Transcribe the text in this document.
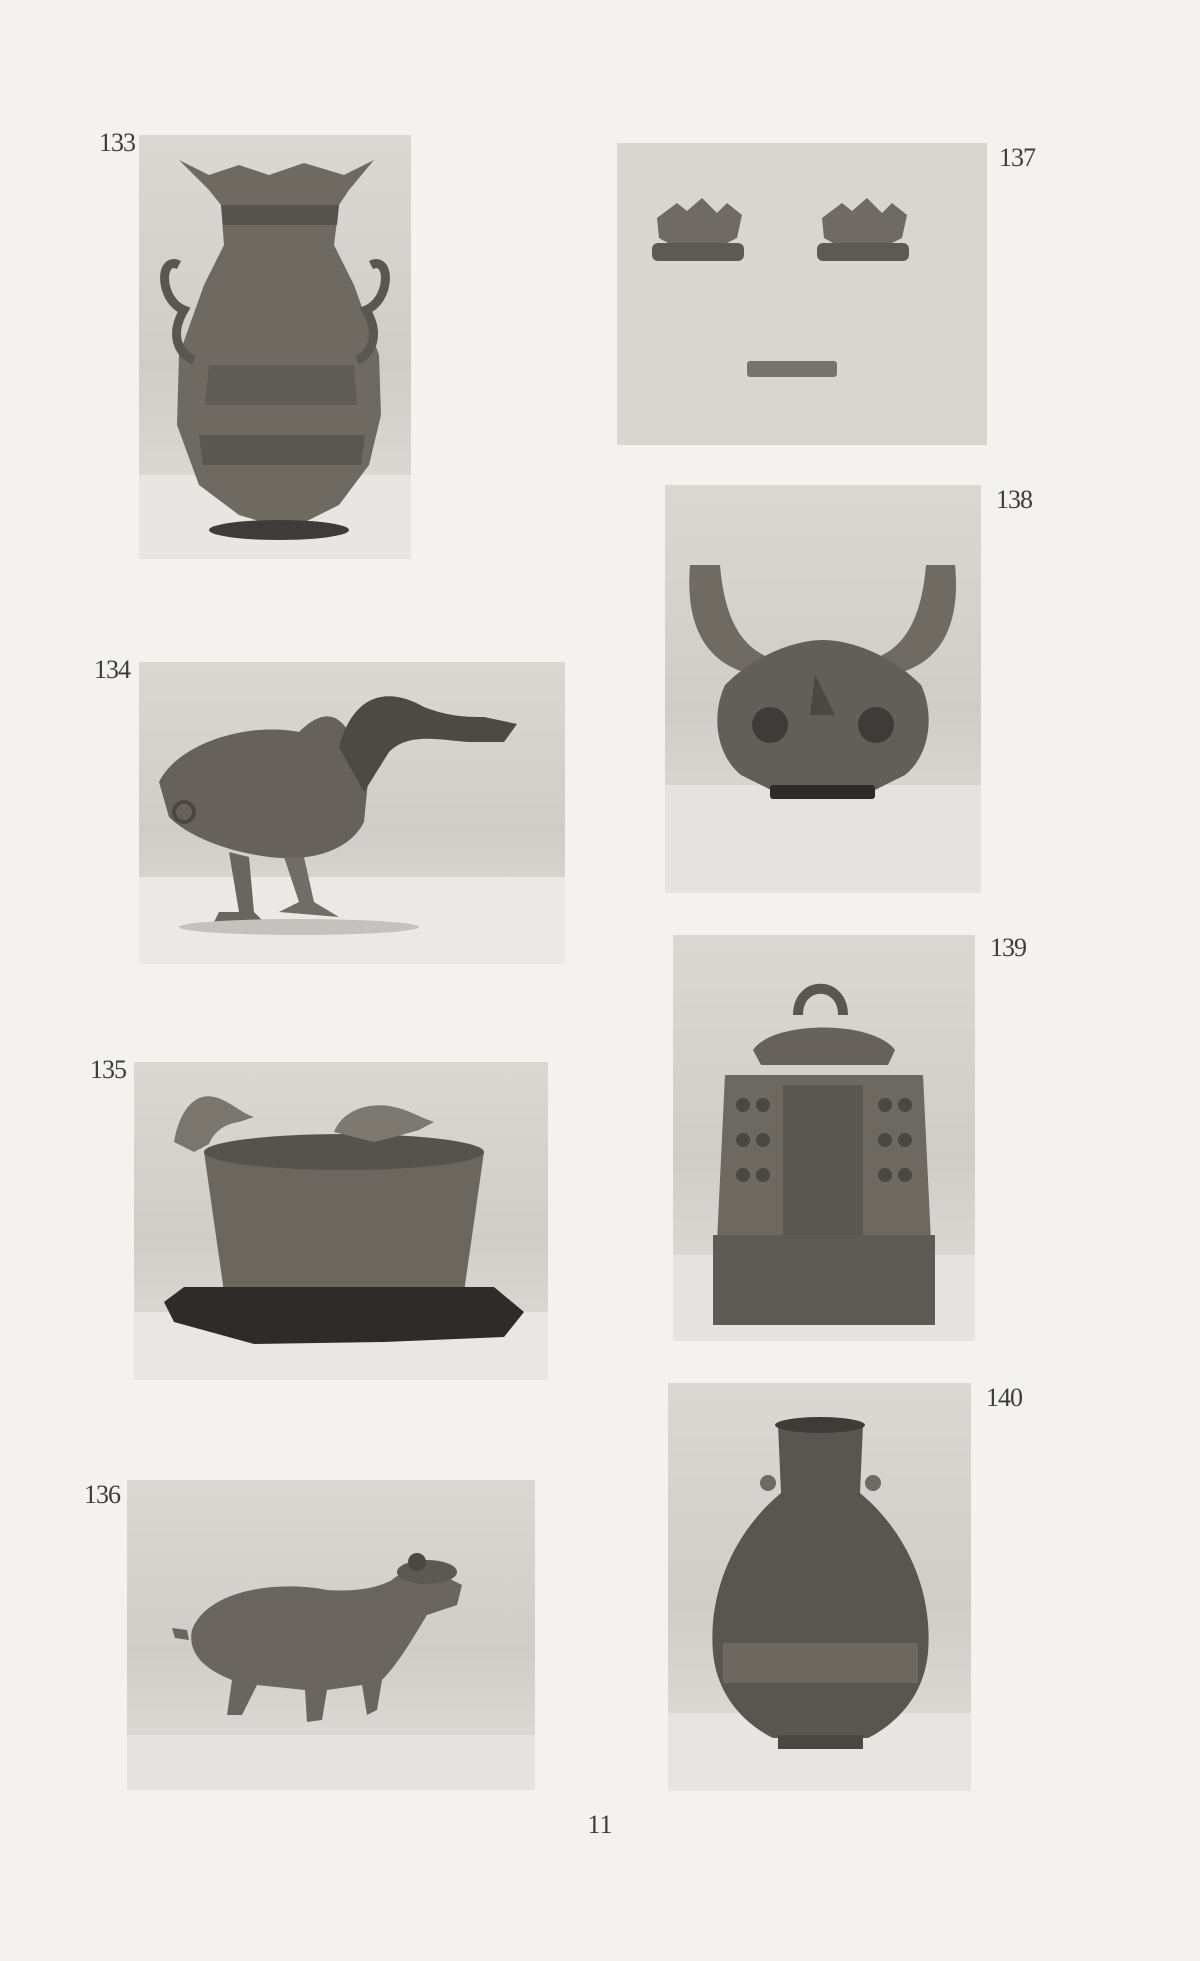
133
134
135
136
137
138
139
140
11
